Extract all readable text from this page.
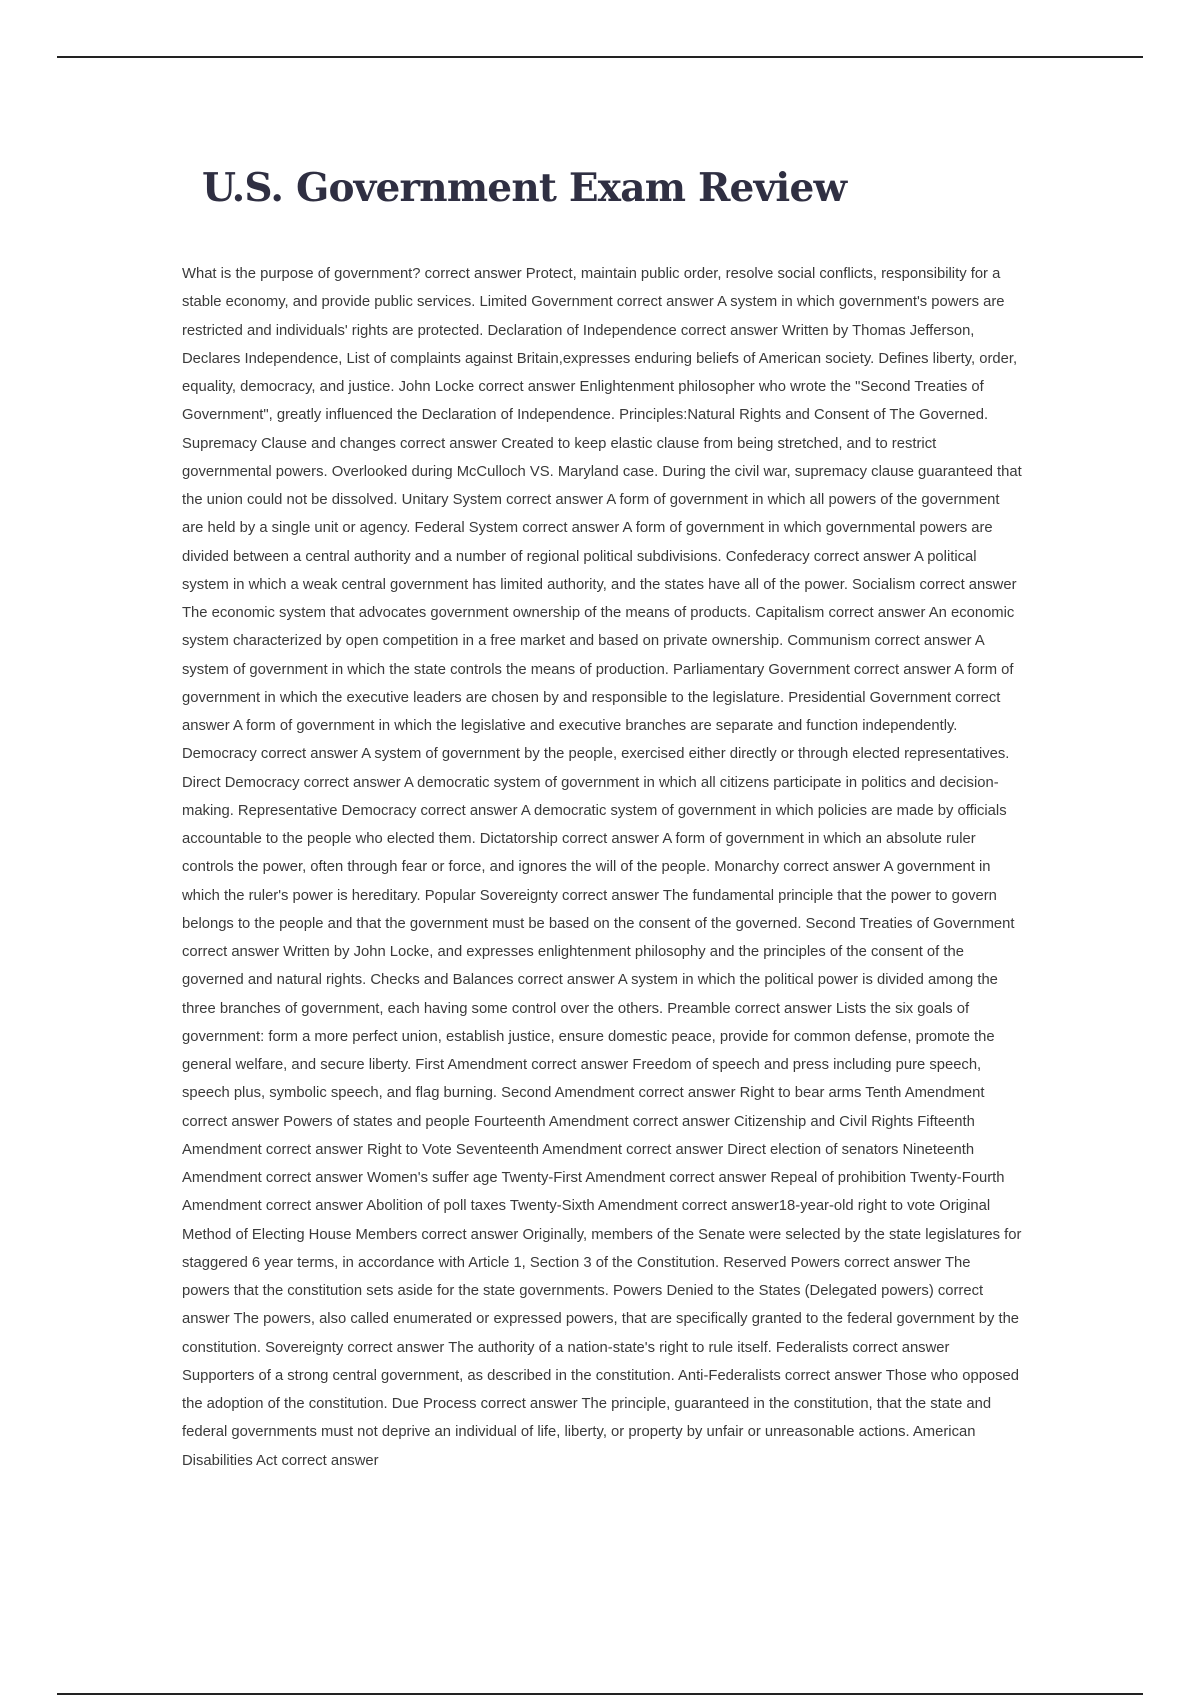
U.S. Government Exam Review

What is the purpose of government? correct answer Protect, maintain public order, resolve social conflicts, responsibility for a stable economy, and provide public services. Limited Government correct answer A system in which government's powers are restricted and individuals' rights are protected. Declaration of Independence correct answer Written by Thomas Jefferson, Declares Independence, List of complaints against Britain,expresses enduring beliefs of American society. Defines liberty, order, equality, democracy, and justice. John Locke correct answer Enlightenment philosopher who wrote the "Second Treaties of Government", greatly influenced the Declaration of Independence. Principles:Natural Rights and Consent of The Governed. Supremacy Clause and changes correct answer Created to keep elastic clause from being stretched, and to restrict governmental powers. Overlooked during McCulloch VS. Maryland case. During the civil war, supremacy clause guaranteed that the union could not be dissolved. Unitary System correct answer A form of government in which all powers of the government are held by a single unit or agency. Federal System correct answer A form of government in which governmental powers are divided between a central authority and a number of regional political subdivisions. Confederacy correct answer A political system in which a weak central government has limited authority, and the states have all of the power. Socialism correct answer The economic system that advocates government ownership of the means of products. Capitalism correct answer An economic system characterized by open competition in a free market and based on private ownership. Communism correct answer A system of government in which the state controls the means of production. Parliamentary Government correct answer A form of government in which the executive leaders are chosen by and responsible to the legislature. Presidential Government correct answer A form of government in which the legislative and executive branches are separate and function independently. Democracy correct answer A system of government by the people, exercised either directly or through elected representatives. Direct Democracy correct answer A democratic system of government in which all citizens participate in politics and decision-making. Representative Democracy correct answer A democratic system of government in which policies are made by officials accountable to the people who elected them. Dictatorship correct answer A form of government in which an absolute ruler controls the power, often through fear or force, and ignores the will of the people. Monarchy correct answer A government in which the ruler's power is hereditary. Popular Sovereignty correct answer The fundamental principle that the power to govern belongs to the people and that the government must be based on the consent of the governed. Second Treaties of Government correct answer Written by John Locke, and expresses enlightenment philosophy and the principles of the consent of the governed and natural rights. Checks and Balances correct answer A system in which the political power is divided among the three branches of government, each having some control over the others. Preamble correct answer Lists the six goals of government: form a more perfect union, establish justice, ensure domestic peace, provide for common defense, promote the general welfare, and secure liberty. First Amendment correct answer Freedom of speech and press including pure speech, speech plus, symbolic speech, and flag burning. Second Amendment correct answer Right to bear arms Tenth Amendment correct answer Powers of states and people Fourteenth Amendment correct answer Citizenship and Civil Rights Fifteenth Amendment correct answer Right to Vote Seventeenth Amendment correct answer Direct election of senators Nineteenth Amendment correct answer Women's suffer age Twenty-First Amendment correct answer Repeal of prohibition Twenty-Fourth Amendment correct answer Abolition of poll taxes Twenty-Sixth Amendment correct answer18-year-old right to vote Original Method of Electing House Members correct answer Originally, members of the Senate were selected by the state legislatures for staggered 6 year terms, in accordance with Article 1, Section 3 of the Constitution. Reserved Powers correct answer The powers that the constitution sets aside for the state governments. Powers Denied to the States (Delegated powers) correct answer The powers, also called enumerated or expressed powers, that are specifically granted to the federal government by the constitution. Sovereignty correct answer The authority of a nation-state's right to rule itself. Federalists correct answer Supporters of a strong central government, as described in the constitution. Anti-Federalists correct answer Those who opposed the adoption of the constitution. Due Process correct answer The principle, guaranteed in the constitution, that the state and federal governments must not deprive an individual of life, liberty, or property by unfair or unreasonable actions. American Disabilities Act correct answer
